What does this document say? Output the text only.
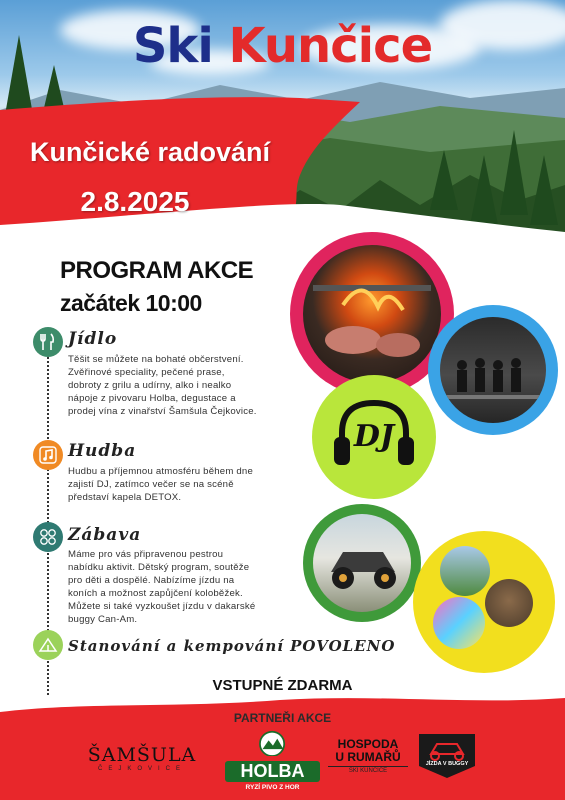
Ski Kunčice
Kunčické radování
2.8.2025
PROGRAM AKCE
začátek 10:00
Jídlo
Těšit se můžete na bohaté občerstvení.
Zvěřinové speciality, pečené prase,
dobroty z grilu a udírny, alko i nealko
nápoje z pivovaru Holba, degustace a
prodej vína z vinařství Šamšula Čejkovice.
Hudba
Hudbu a příjemnou atmosféru během dne
zajistí DJ, zatímco večer se na scéně
představí kapela DETOX.
Zábava
Máme pro vás připravenou pestrou
nabídku aktivit. Dětský program, soutěže
pro děti a dospělé. Nabízíme jízdu na
koních a možnost zapůjčení koloběžek.
Můžete si také vyzkoušet jízdu v dakarské
buggy Can-Am.
Stanování a kempování POVOLENO
DJ
VSTUPNÉ ZDARMA
PARTNEŘI AKCE
ŠAMŠULA
ČEJKOVICE	HOLBA
RYZÍ PIVO Z HOR
HOSPODA
U RUMAŘŮ
SKI KUNČICE
JÍZDA V BUGGY
